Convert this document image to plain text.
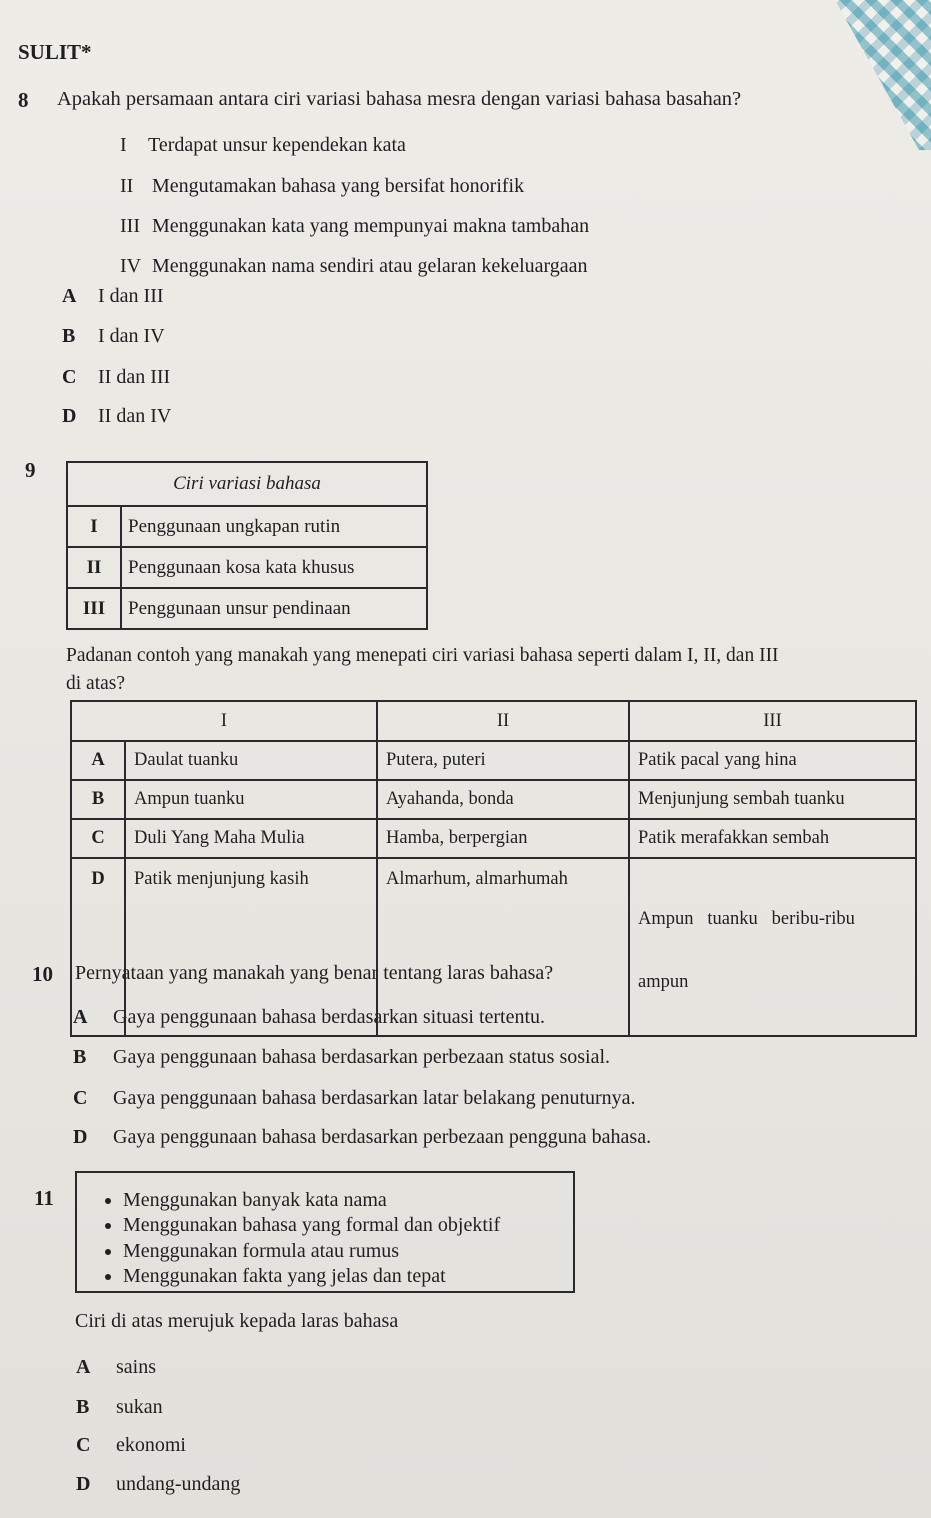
SULIT*
8 Apakah persamaan antara ciri variasi bahasa mesra dengan variasi bahasa basahan?
I Terdapat unsur kependekan kata
II Mengutamakan bahasa yang bersifat honorifik
III Menggunakan kata yang mempunyai makna tambahan
IV Menggunakan nama sendiri atau gelaran kekeluargaan
A I dan III
B I dan IV
C II dan III
D II dan IV
9
Ciri variasi bahasa	
I	Penggunaan ungkapan rutin
II	Penggunaan kosa kata khusus
III	Penggunaan unsur pendinaan
Padanan contoh yang manakah yang menepati ciri variasi bahasa seperti dalam I, II, dan III
di atas?
I		II	III
A	Daulat tuanku	Putera, puteri	Patik pacal yang hina
B	Ampun tuanku	Ayahanda, bonda	Menjunjung sembah tuanku
C	Duli Yang Maha Mulia	Hamba, berpergian	Patik merafakkan sembah
D	Patik menjunjung kasih	Almarhum, almarhumah	Ampun   tuanku   beribu-ribu

ampun

10 Pernyataan yang manakah yang benar tentang laras bahasa?
A Gaya penggunaan bahasa berdasarkan situasi tertentu.
B Gaya penggunaan bahasa berdasarkan perbezaan status sosial.
C Gaya penggunaan bahasa berdasarkan latar belakang penuturnya.
D Gaya penggunaan bahasa berdasarkan perbezaan pengguna bahasa.
11	Menggunakan banyak kata nama
Menggunakan bahasa yang formal dan objektif
Menggunakan formula atau rumus
Menggunakan fakta yang jelas dan tepat
Ciri di atas merujuk kepada laras bahasa
A sains
B sukan
C ekonomi
D undang-undang
